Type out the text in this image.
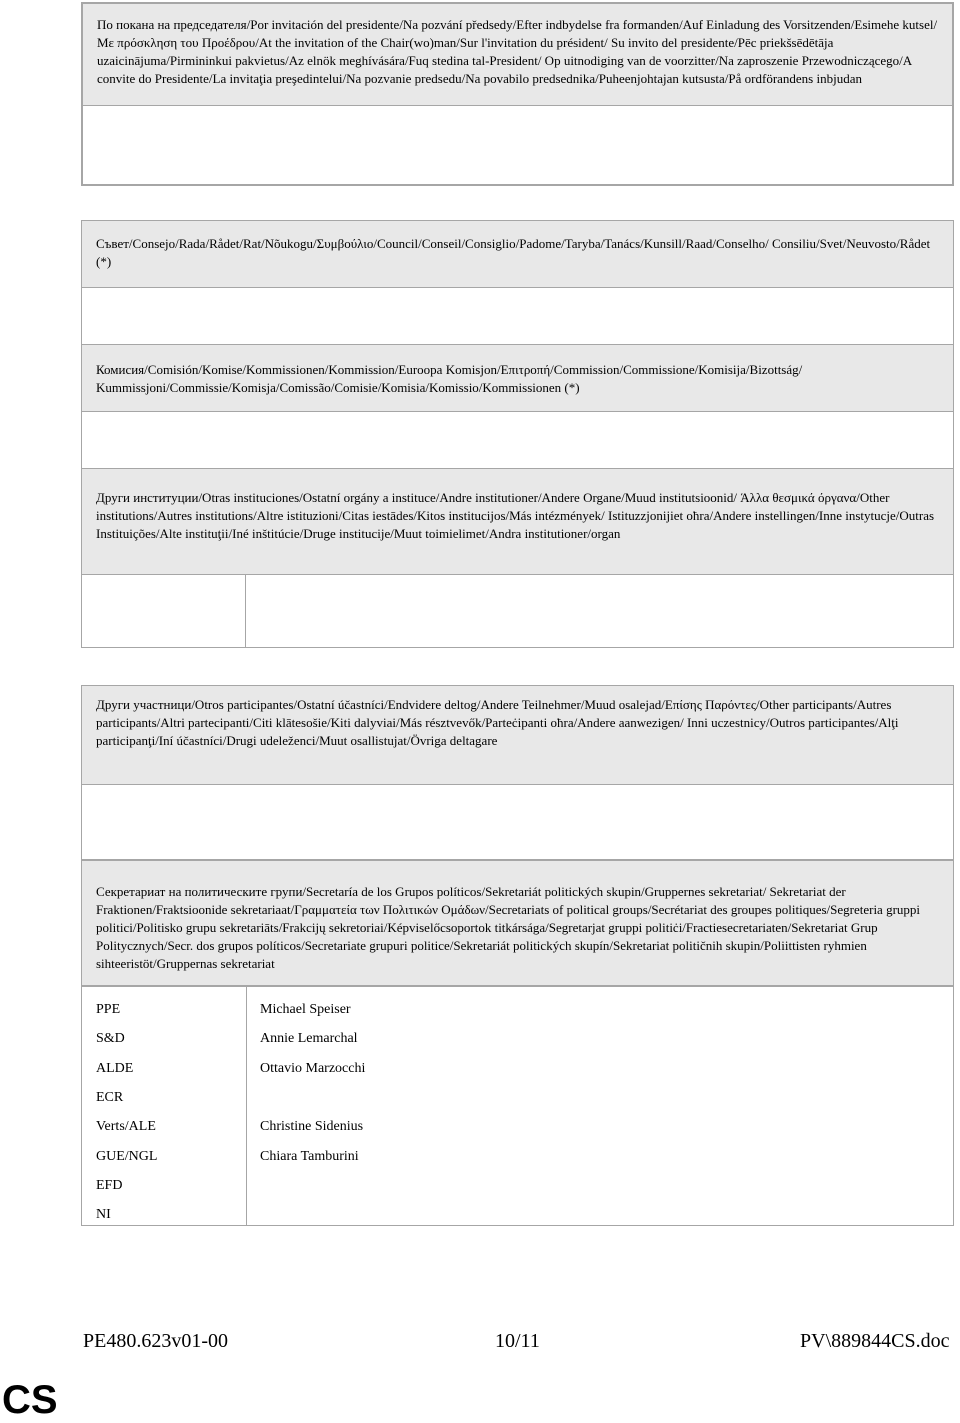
По покана на председателя/Por invitación del presidente/Na pozvání předsedy/Efter indbydelse fra formanden/Auf Einladung des Vorsitzenden/Esimehe kutsel/Με πρόσκληση του Προέδρου/At the invitation of the Chair(wo)man/Sur l'invitation du président/ Su invito del presidente/Pēc priekšsēdētāja uzaicinājuma/Pirmininkui pakvietus/Az elnök meghívására/Fuq stedina tal-President/ Op uitnodiging van de voorzitter/Na zaproszenie Przewodniczącego/A convite do Presidente/La invitaţia preşedintelui/Na pozvanie predsedu/Na povabilo predsednika/Puheenjohtajan kutsusta/På ordförandens inbjudan
Съвет/Consejo/Rada/Rådet/Rat/Nõukogu/Συμβούλιο/Council/Conseil/Consiglio/Padome/Taryba/Tanács/Kunsill/Raad/Conselho/ Consiliu/Svet/Neuvosto/Rådet (*)
Комисия/Comisión/Komise/Kommissionen/Kommission/Euroopa Komisjon/Επιτροπή/Commission/Commissione/Komisija/Bizottság/ Kummissjoni/Commissie/Komisja/Comissão/Comisie/Komisia/Komissio/Kommissionen (*)
Други институции/Otras instituciones/Ostatní orgány a instituce/Andre institutioner/Andere Organe/Muud institutsioonid/ Άλλα θεσμικά όργανα/Other institutions/Autres institutions/Altre istituzioni/Citas iestādes/Kitos institucijos/Más intézmények/ Istituzzjonijiet oħra/Andere instellingen/Inne instytucje/Outras Instituições/Alte instituţii/Iné inštitúcie/Druge institucije/Muut toimielimet/Andra institutioner/organ
Други участници/Otros participantes/Ostatní účastníci/Endvidere deltog/Andere Teilnehmer/Muud osalejad/Επίσης Παρόντες/Other participants/Autres participants/Altri partecipanti/Citi klātesošie/Kiti dalyviai/Más résztvevők/Parteċipanti oħra/Andere aanwezigen/ Inni uczestnicy/Outros participantes/Alţi participanţi/Iní účastníci/Drugi udeleženci/Muut osallistujat/Övriga deltagare
Секретариат на политическите групи/Secretaría de los Grupos políticos/Sekretariát politických skupin/Gruppernes sekretariat/ Sekretariat der Fraktionen/Fraktsioonide sekretariaat/Γραμματεία των Πολιτικών Ομάδων/Secretariats of political groups/Secrétariat des groupes politiques/Segreteria gruppi politici/Politisko grupu sekretariāts/Frakcijų sekretoriai/Képviselőcsoportok titkársága/Segretarjat gruppi politiċi/Fractiesecretariaten/Sekretariat Grup Politycznych/Secr. dos grupos políticos/Secretariate grupuri politice/Sekretariát politických skupín/Sekretariat političnih skupin/Poliittisten ryhmien sihteeristöt/Gruppernas sekretariat
PPE
S&D
ALDE
ECR
Verts/ALE
GUE/NGL
EFD
NI
Michael Speiser
Annie Lemarchal
Ottavio Marzocchi
Christine Sidenius
Chiara Tamburini
PE480.623v01-00	10/11	PV\889844CS.doc
CS
